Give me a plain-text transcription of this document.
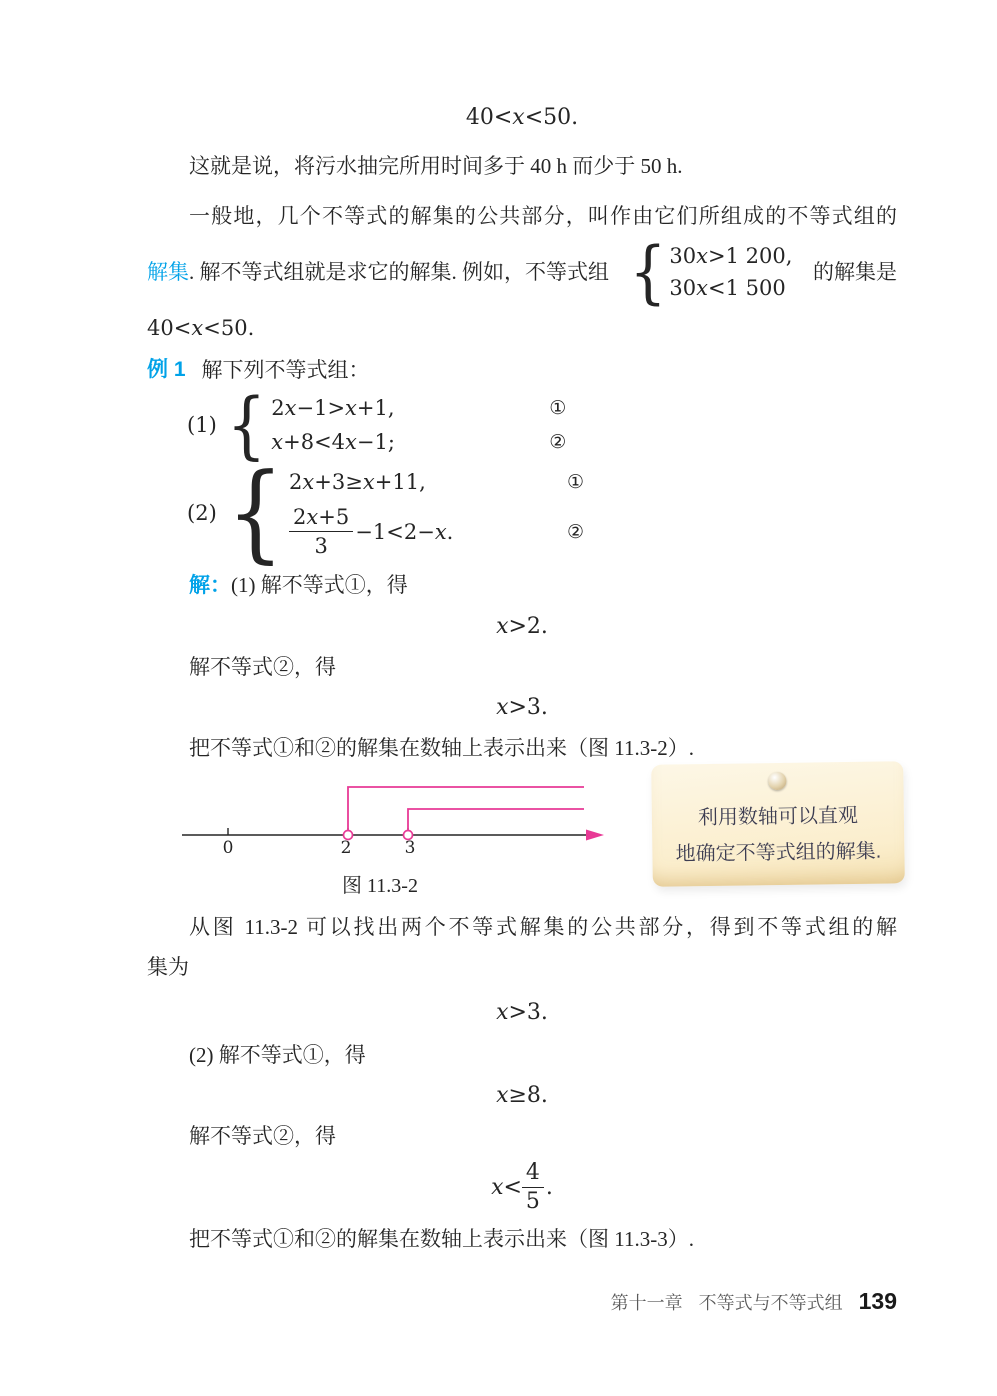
40<x<50.

这就是说，将污水抽完所用时间多于 40 h 而少于 50 h.

一般地，几个不等式的解集的公共部分，叫作由它们所组成的不等式组的

解集. 解不等式组就是求它的解集. 例如，不等式组 { 30x>1 200,
30x<1 500
的解集是

40<x<50.

例 1 解下列不等式组：
(1) { 2x−1>x+1,	①
x+8<4x−1;	②
(2) { 2x+3≥x+11,	①
$\frac{2x+5}{3} -1<2-x$.	②

解：(1) 解不等式①，得

x>2.

解不等式②，得

x>3.

把不等式①和②的解集在数轴上表示出来（图 11.3-2）.

0	2	3
图 11.3-2
利用数轴可以直观
地确定不等式组的解集.

从图 11.3-2 可以找出两个不等式解集的公共部分，得到不等式组的解

集为

x>3.

(2) 解不等式①，得

x≥8.

解不等式②，得

$x< \frac{4}{5}$ .

把不等式①和②的解集在数轴上表示出来（图 11.3-3）.

第十一章 不等式与不等式组 139
